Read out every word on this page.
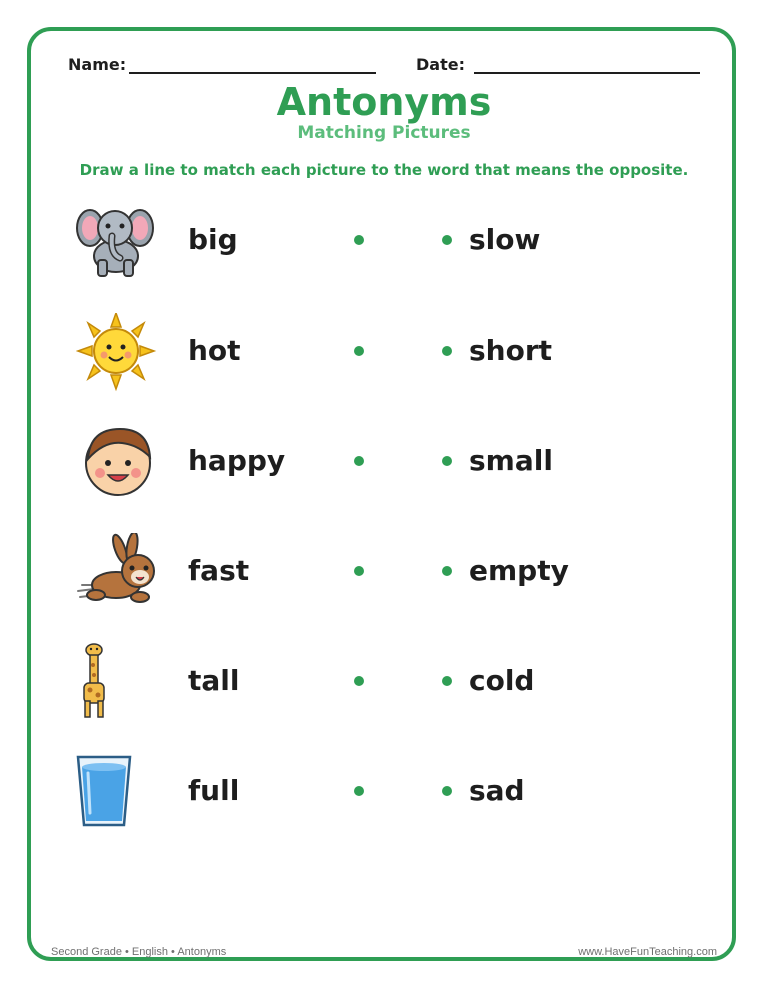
Name:	Date:
Antonyms
Matching Pictures
Draw a line to match each picture to the word that means the opposite.
big	slow
hot	short
happy	small
fast	empty
tall	cold
full	sad
Second Grade • English • Antonyms	www.HaveFunTeaching.com
